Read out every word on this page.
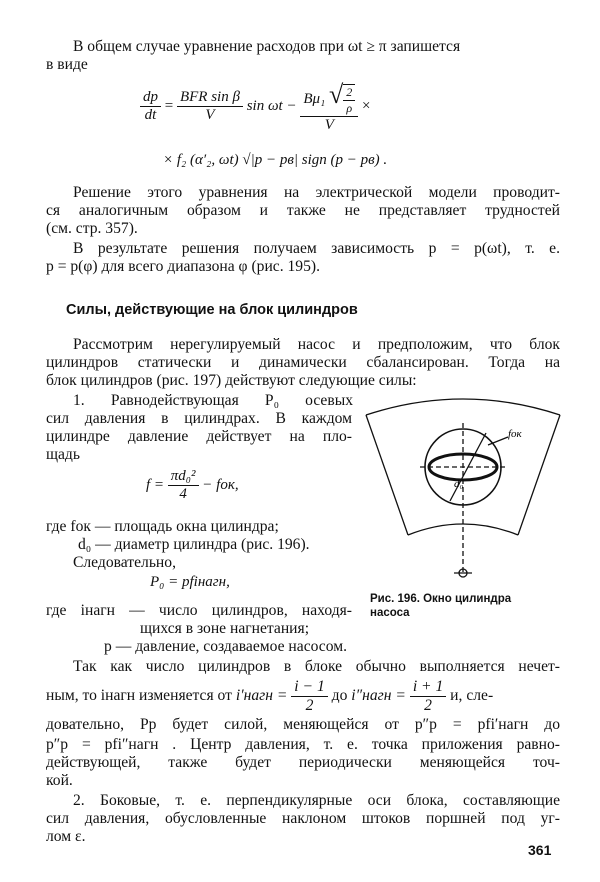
В общем случае уравнение расходов при ωt ≥ π запишется
в виде
$\frac{dp}{dt} = \frac{\text{BFR sin β}}{V}$ $\sin \omega t - \frac{B\mu_1 √ \frac{2}{\rho}}{V}$ ×
× f₂ (α′₂, ωt) √|p − pв| sign (p − pв) .
Решение этого уравнения на электрической модели проводит-
ся аналогичным образом и также не представляет трудностей
(см. стр. 357).
В результате решения получаем зависимость p = p(ωt), т. е.
p = p(φ) для всего диапазона φ (рис. 195).
Силы, действующие на блок цилиндров
Рассмотрим нерегулируемый насос и предположим, что блок
цилиндров статически и динамически сбалансирован. Тогда на
блок цилиндров (рис. 197) действуют следующие силы:
1. Равнодействующая P₀ осевых
сил давления в цилиндрах. В каждом
цилиндре давление действует на пло-
щадь
$f = \frac{\text{πd₀²}}{4}$ − fок,
где fок — площадь окна цилиндра;
d₀ — диаметр цилиндра (рис. 196).
Следовательно,
P₀ = pfiнагн,
где iнагн — число цилиндров, находя-
щихся в зоне нагнетания;
p — давление, создаваемое насосом.
Так как число цилиндров в блоке обычно выполняется нечет-
ным, то iнагн изменяется от i′нагн = $\frac{i - 1}{2}$ до i″нагн = $\frac{i + 1}{2} и$, сле-
довательно, Pp будет силой, меняющейся от p″p = pfi′нагн до
p″p = pfi″нагн . Центр давления, т. е. точка приложения равно-
действующей, также будет периодически меняющейся точ-
кой.
2. Боковые, т. е. перпендикулярные оси блока, составляющие
сил давления, обусловленные наклоном штоков поршней под уг-
лом ε.
fок
d₀
Рис. 196. Окно цилиндра
насоса
361
